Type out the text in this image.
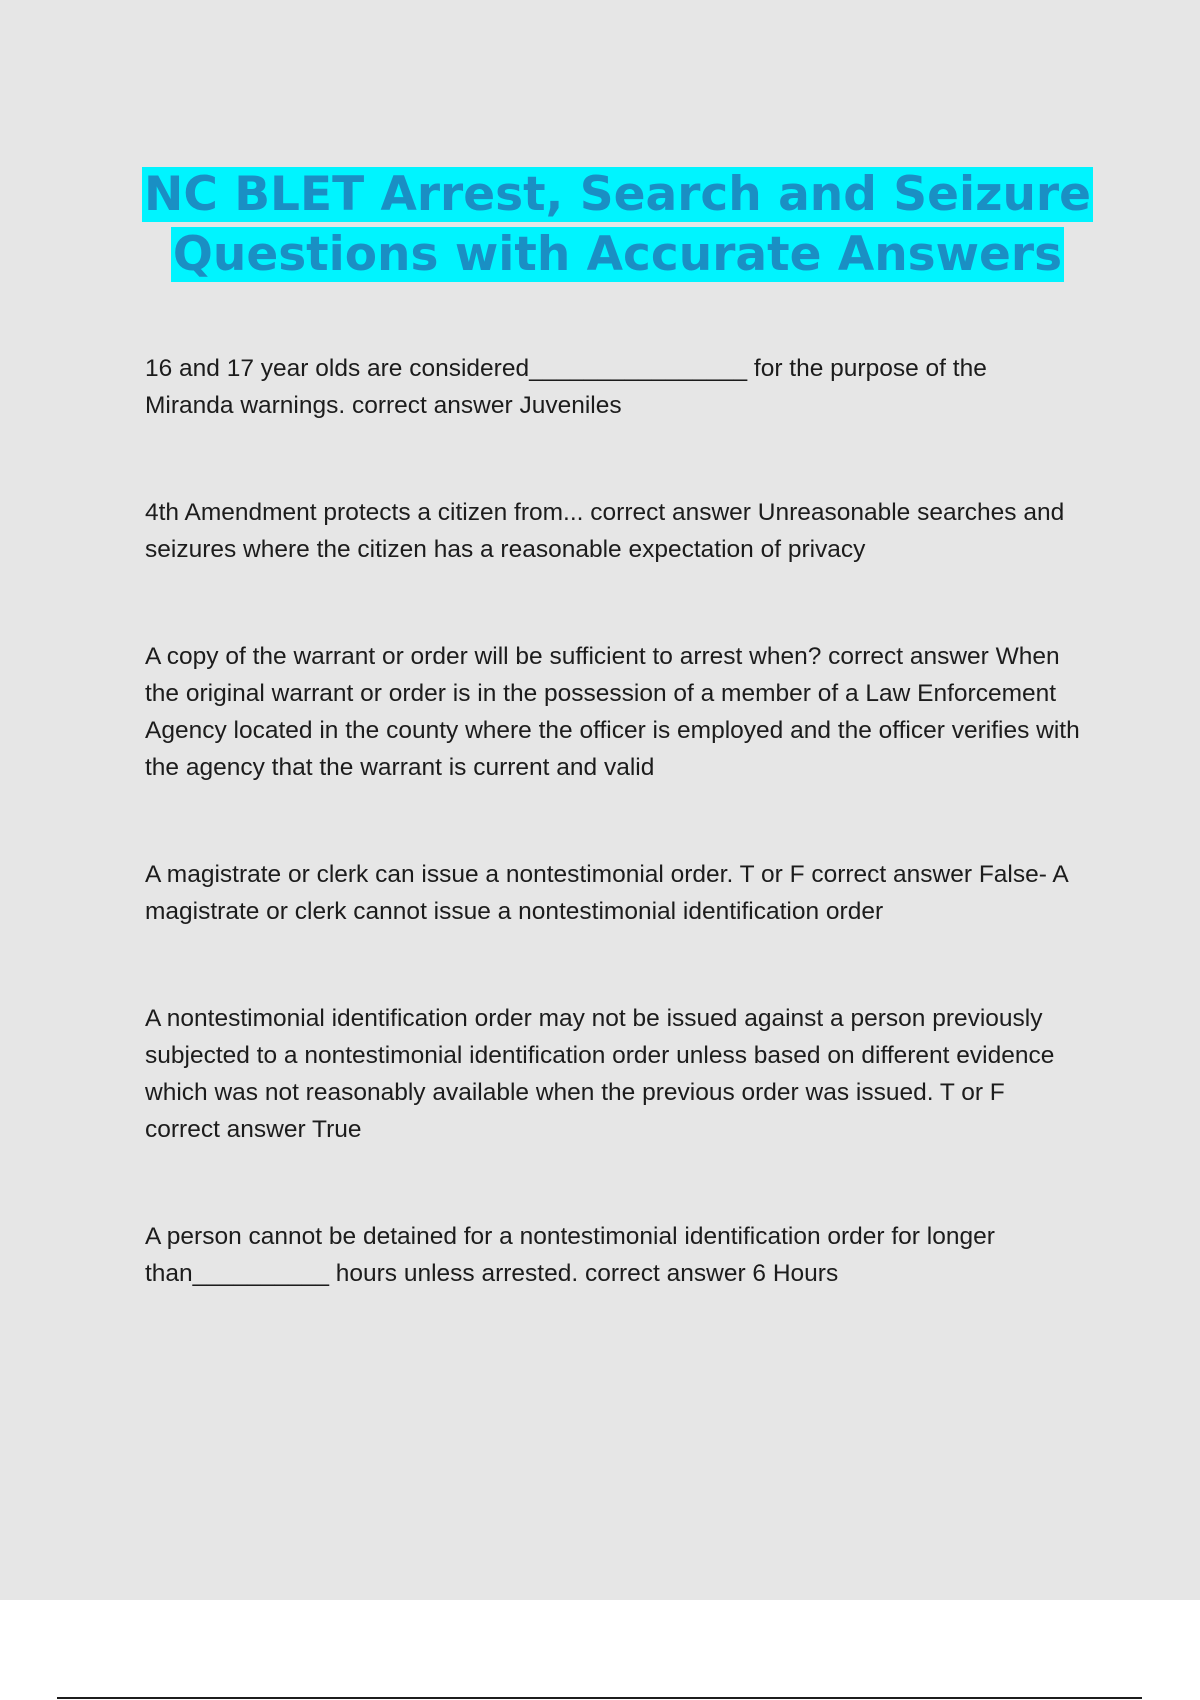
NC BLET Arrest, Search and Seizure Questions with Accurate Answers
16 and 17 year olds are considered________________ for the purpose of the Miranda warnings. correct answer Juveniles
4th Amendment protects a citizen from... correct answer Unreasonable searches and seizures where the citizen has a reasonable expectation of privacy
A copy of the warrant or order will be sufficient to arrest when? correct answer When the original warrant or order is in the possession of a member of a Law Enforcement Agency located in the county where the officer is employed and the officer verifies with the agency that the warrant is current and valid
A magistrate or clerk can issue a nontestimonial order. T or F correct answer False- A magistrate or clerk cannot issue a nontestimonial identification order
A nontestimonial identification order may not be issued against a person previously subjected to a nontestimonial identification order unless based on different evidence which was not reasonably available when the previous order was issued. T or F correct answer True
A person cannot be detained for a nontestimonial identification order for longer than__________ hours unless arrested. correct answer 6 Hours
